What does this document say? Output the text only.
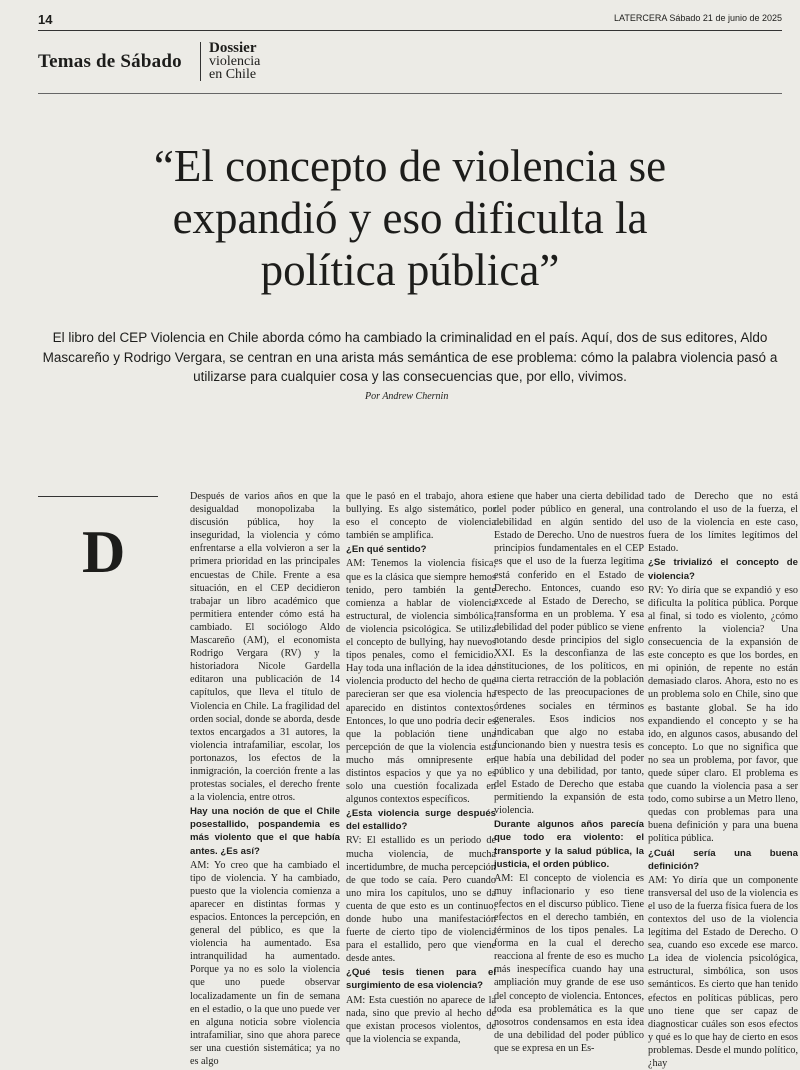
14	LATERCERA Sábado 21 de junio de 2025
Temas de Sábado
Dossier
violencia
en Chile
“El concepto de violencia se
expandió y eso dificulta la
política pública”
El libro del CEP Violencia en Chile aborda cómo ha cambiado la criminalidad en el país. Aquí, dos de sus editores, Aldo Mascareño y Rodrigo Vergara, se centran en una arista más semántica de ese problema: cómo la palabra violencia pasó a utilizarse para cualquier cosa y las consecuencias que, por ello, vivimos.
Por Andrew Chernin
D

Después de varios años en que la desigualdad monopolizaba la discusión pública, hoy la inseguridad, la violencia y cómo enfrentarse a ella volvieron a ser la primera prioridad en las principales encuestas de Chile. Frente a esa situación, en el CEP decidieron trabajar un libro académico que permitiera entender cómo está ha cambiado. El sociólogo Aldo Mascareño (AM), el economista Rodrigo Vergara (RV) y la historiadora Nicole Gardella editaron una publicación de 14 capítulos, que lleva el título de Violencia en Chile. La fragilidad del orden social, donde se aborda, desde textos encargados a 31 autores, la violencia intrafamiliar, escolar, los portonazos, los efectos de la inmigración, la coerción frente a las protestas sociales, el derecho frente a la violencia, entre otros.

Hay una noción de que el Chile posestallido, pospandemia es más violento que el que había antes. ¿Es así?

AM: Yo creo que ha cambiado el tipo de violencia. Y ha cambiado, puesto que la violencia comienza a aparecer en distintas formas y espacios. Entonces la percepción, en general del público, es que la violencia ha aumentado. Esa intranquilidad ha aumentado. Porque ya no es solo la violencia que uno puede observar localizadamente un fin de semana en el estadio, o la que uno puede ver en alguna noticia sobre violencia intrafamiliar, sino que ahora parece ser una cuestión sistemática; ya no es algo

que le pasó en el trabajo, ahora es bullying. Es algo sistemático, por eso el concepto de violencia también se amplifica.

¿En qué sentido?

AM: Tenemos la violencia física, que es la clásica que siempre hemos tenido, pero también la gente comienza a hablar de violencia estructural, de violencia simbólica, de violencia psicológica. Se utiliza el concepto de bullying, hay nuevos tipos penales, como el femicidio. Hay toda una inflación de la idea de violencia producto del hecho de que parecieran ser que esa violencia ha aparecido en distintos contextos. Entonces, lo que uno podría decir es que la población tiene una percepción de que la violencia está mucho más omnipresente en distintos espacios y que ya no es solo una cuestión focalizada en algunos contextos específicos.

¿Esta violencia surge después del estallido?

RV: El estallido es un periodo de mucha violencia, de mucha incertidumbre, de mucha percepción de que todo se caía. Pero cuando uno mira los capítulos, uno se da cuenta de que esto es un continuo, donde hubo una manifestación fuerte de cierto tipo de violencia para el estallido, pero que viene desde antes.

¿Qué tesis tienen para el surgimiento de esa violencia?

AM: Esta cuestión no aparece de la nada, sino que previo al hecho de que existan procesos violentos, de que la violencia se expanda,

tiene que haber una cierta debilidad del poder público en general, una debilidad en algún sentido del Estado de Derecho. Uno de nuestros principios fundamentales en el CEP es que el uso de la fuerza legítima está conferido en el Estado de Derecho. Entonces, cuando eso excede al Estado de Derecho, se transforma en un problema. Y esa debilidad del poder público se viene notando desde principios del siglo XXI. Es la desconfianza de las instituciones, de los políticos, en una cierta retracción de la población respecto de las preocupaciones de órdenes sociales en términos generales. Esos indicios nos indicaban que algo no estaba funcionando bien y nuestra tesis es que había una debilidad del poder público y una debilidad, por tanto, del Estado de Derecho que estaba permitiendo la expansión de esta violencia.

Durante algunos años parecía que todo era violento: el transporte y la salud pública, la justicia, el orden público.

AM: El concepto de violencia es muy inflacionario y eso tiene efectos en el discurso público. Tiene efectos en el derecho también, en términos de los tipos penales. La forma en la cual el derecho reacciona al frente de eso es mucho más inespecífica cuando hay una ampliación muy grande de ese uso del concepto de violencia. Entonces, toda esa problemática es la que nosotros condensamos en esta idea de una debilidad del poder público que se expresa en un Es-

tado de Derecho que no está controlando el uso de la fuerza, el uso de la violencia en este caso, fuera de los límites legítimos del Estado.

¿Se trivializó el concepto de violencia?

RV: Yo diría que se expandió y eso dificulta la política pública. Porque al final, si todo es violento, ¿cómo enfrento la violencia? Una consecuencia de la expansión de este concepto es que los bordes, en mi opinión, de repente no están demasiado claros. Ahora, esto no es un problema solo en Chile, sino que es bastante global. Se ha ido expandiendo el concepto y se ha ido, en algunos casos, abusando del concepto. Lo que no significa que no sea un problema, por favor, que quede súper claro. El problema es que cuando la violencia pasa a ser todo, como subirse a un Metro lleno, quedas con problemas para una buena definición y para una buena política pública.

¿Cuál sería una buena definición?

AM: Yo diría que un componente transversal del uso de la violencia es el uso de la fuerza física fuera de los contextos del uso de la violencia legítima del Estado de Derecho. O sea, cuando eso excede ese marco. La idea de violencia psicológica, estructural, simbólica, son usos semánticos. Es cierto que han tenido efectos en políticas públicas, pero uno tiene que ser capaz de diagnosticar cuáles son esos efectos y qué es lo que hay de cierto en esos problemas. Desde el mundo político, ¿hay
